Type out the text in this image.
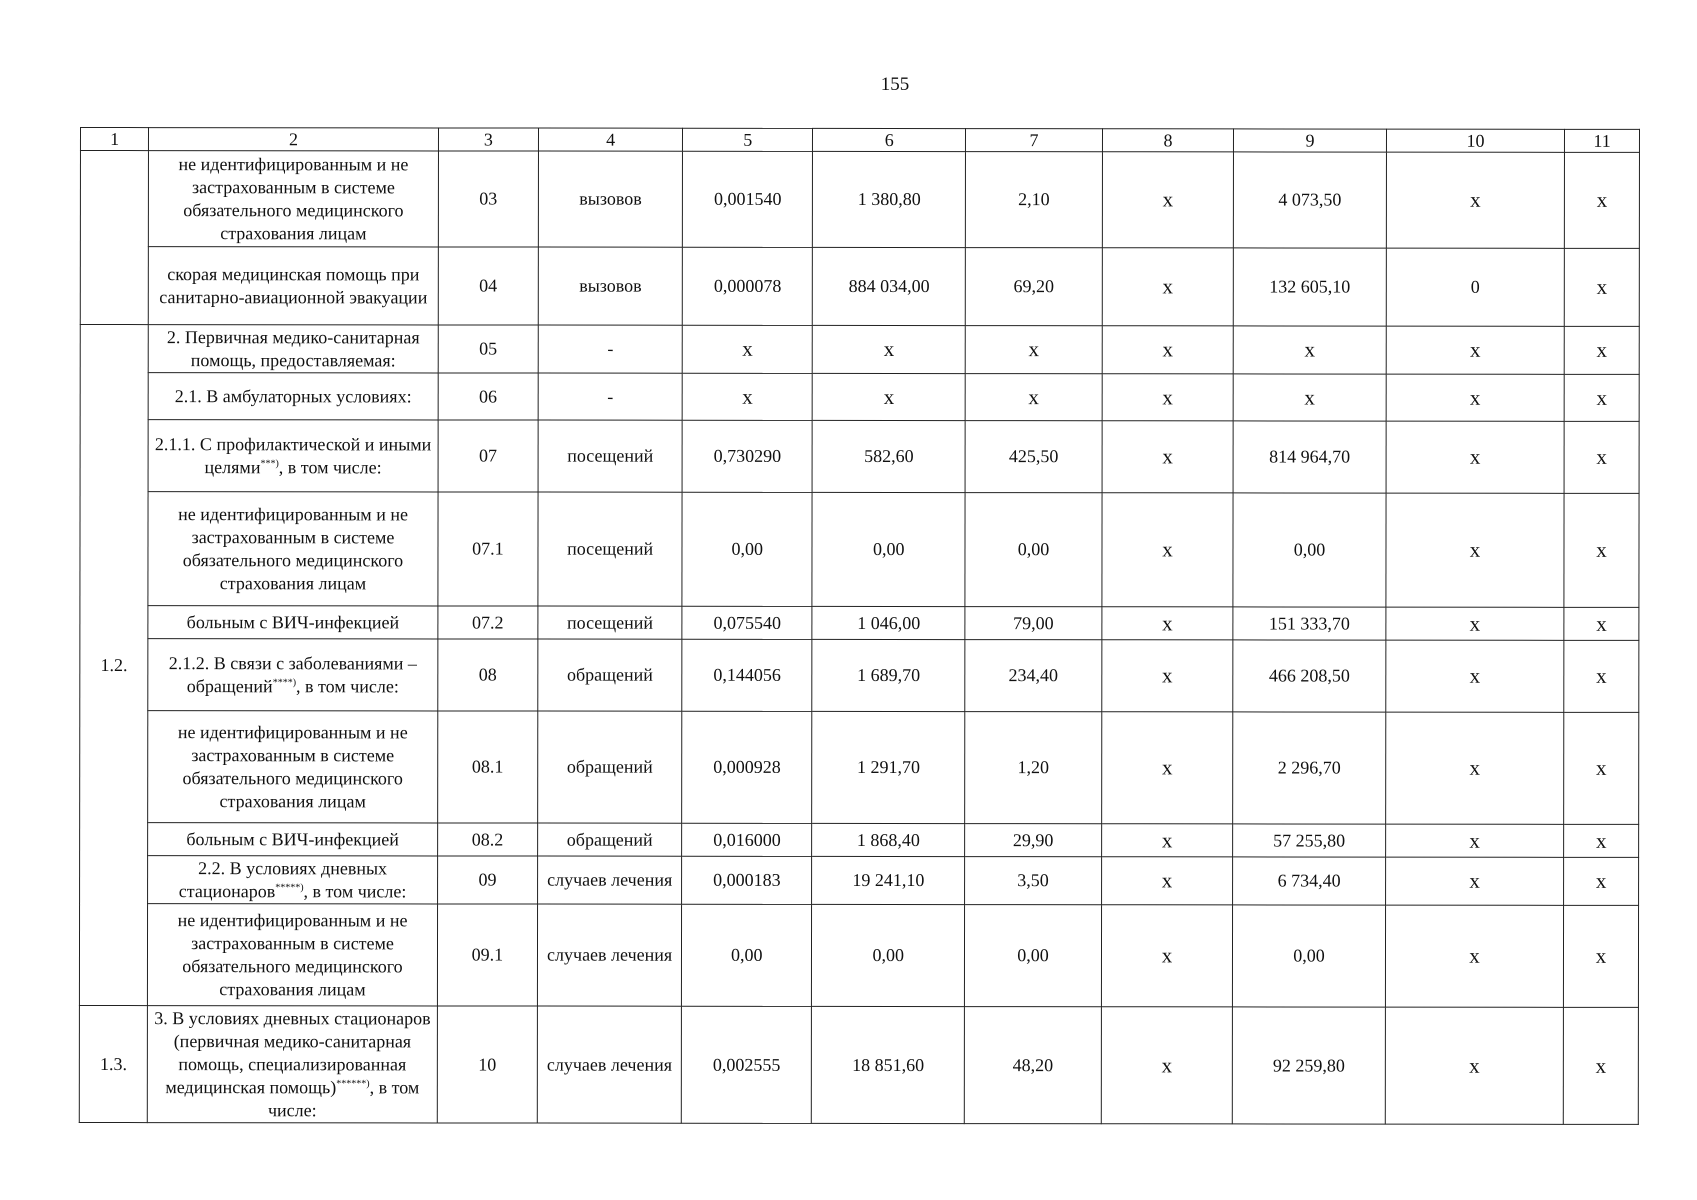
155
1	2	3	4	5	6	7	8	9	10	11
	не идентифицированным и не застрахованным в системе обязательного медицинского страхования лицам	03	вызовов	0,001540	1 380,80	2,10	х	4 073,50	х	х
	скорая медицинская помощь при санитарно-авиационной эвакуации	04	вызовов	0,000078	884 034,00	69,20	х	132 605,10	0	х
1.2.	2. Первичная медико-санитарная помощь, предоставляемая:	05	-	х	х	х	х	х	х	х
	2.1. В амбулаторных условиях:	06	-	х	х	х	х	х	х	х
	2.1.1. С профилактической и иными целями***), в том числе:	07	посещений	0,730290	582,60	425,50	х	814 964,70	х	х
	не идентифицированным и не застрахованным в системе обязательного медицинского страхования лицам	07.1	посещений	0,00	0,00	0,00	х	0,00	х	х
	больным с ВИЧ-инфекцией	07.2	посещений	0,075540	1 046,00	79,00	х	151 333,70	х	х
	2.1.2. В связи с заболеваниями – обращений****), в том числе:	08	обращений	0,144056	1 689,70	234,40	х	466 208,50	х	х
	не идентифицированным и не застрахованным в системе обязательного медицинского страхования лицам	08.1	обращений	0,000928	1 291,70	1,20	х	2 296,70	х	х
	больным с ВИЧ-инфекцией	08.2	обращений	0,016000	1 868,40	29,90	х	57 255,80	х	х
	2.2. В условиях дневных стационаров*****), в том числе:	09	случаев лечения	0,000183	19 241,10	3,50	х	6 734,40	х	х
	не идентифицированным и не застрахованным в системе обязательного медицинского страхования лицам	09.1	случаев лечения	0,00	0,00	0,00	х	0,00	х	х
1.3.	3. В условиях дневных стационаров (первичная медико-санитарная помощь, специализированная медицинская помощь)******), в том числе:	10	случаев лечения	0,002555	18 851,60	48,20	х	92 259,80	х	х
